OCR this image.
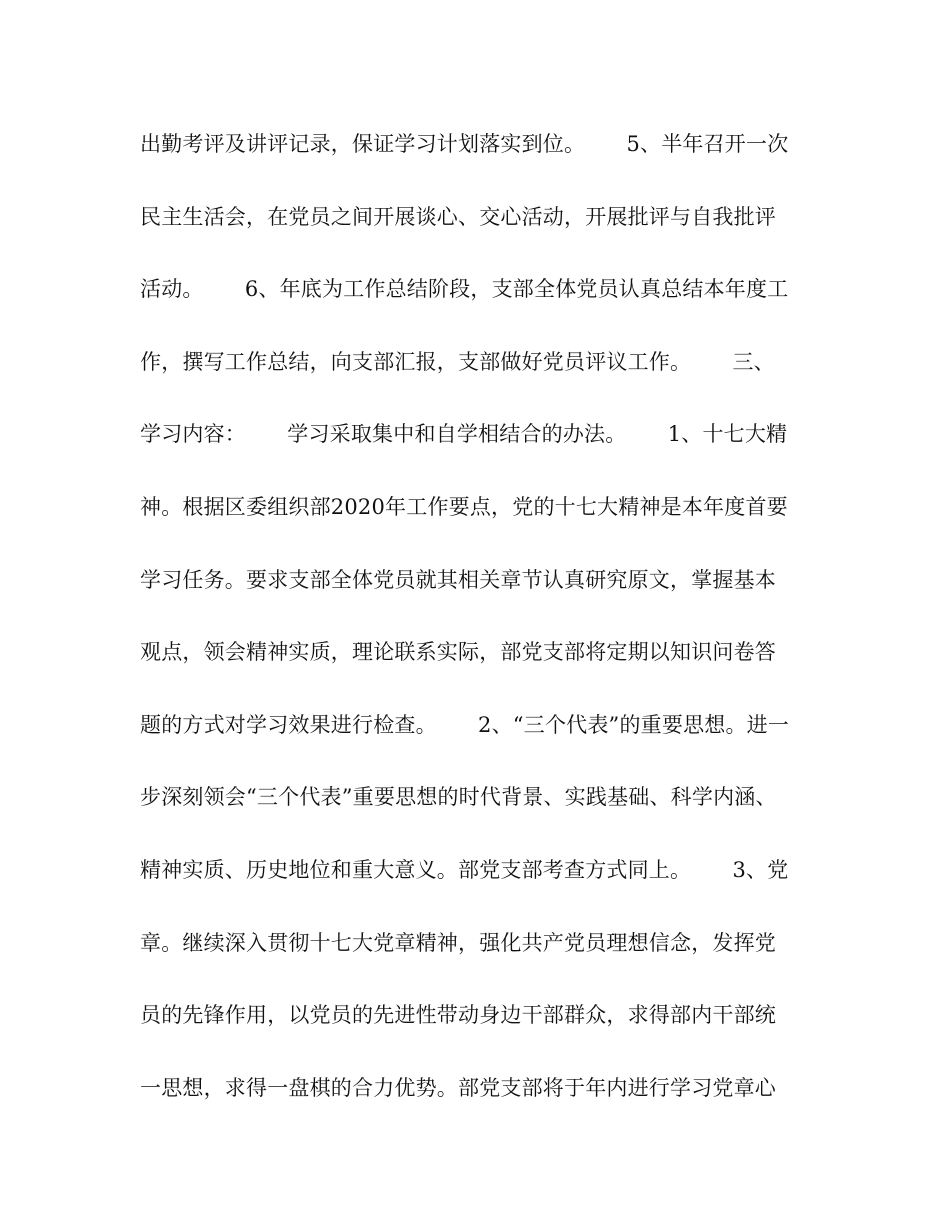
出勤考评及讲评记录，保证学习计划落实到位。      5、半年召开一次
民主生活会，在党员之间开展谈心、交心活动，开展批评与自我批评
活动。      6、年底为工作总结阶段，支部全体党员认真总结本年度工
作，撰写工作总结，向支部汇报，支部做好党员评议工作。      三、
学习内容：      学习采取集中和自学相结合的办法。      1、十七大精
神。根据区委组织部2020年工作要点，党的十七大精神是本年度首要
学习任务。要求支部全体党员就其相关章节认真研究原文，掌握基本
观点，领会精神实质，理论联系实际，部党支部将定期以知识问卷答
题的方式对学习效果进行检查。      2、“三个代表”的重要思想。进一
步深刻领会“三个代表”重要思想的时代背景、实践基础、科学内涵、
精神实质、历史地位和重大意义。部党支部考查方式同上。      3、党
章。继续深入贯彻十七大党章精神，强化共产党员理想信念，发挥党
员的先锋作用，以党员的先进性带动身边干部群众，求得部内干部统
一思想，求得一盘棋的合力优势。部党支部将于年内进行学习党章心
